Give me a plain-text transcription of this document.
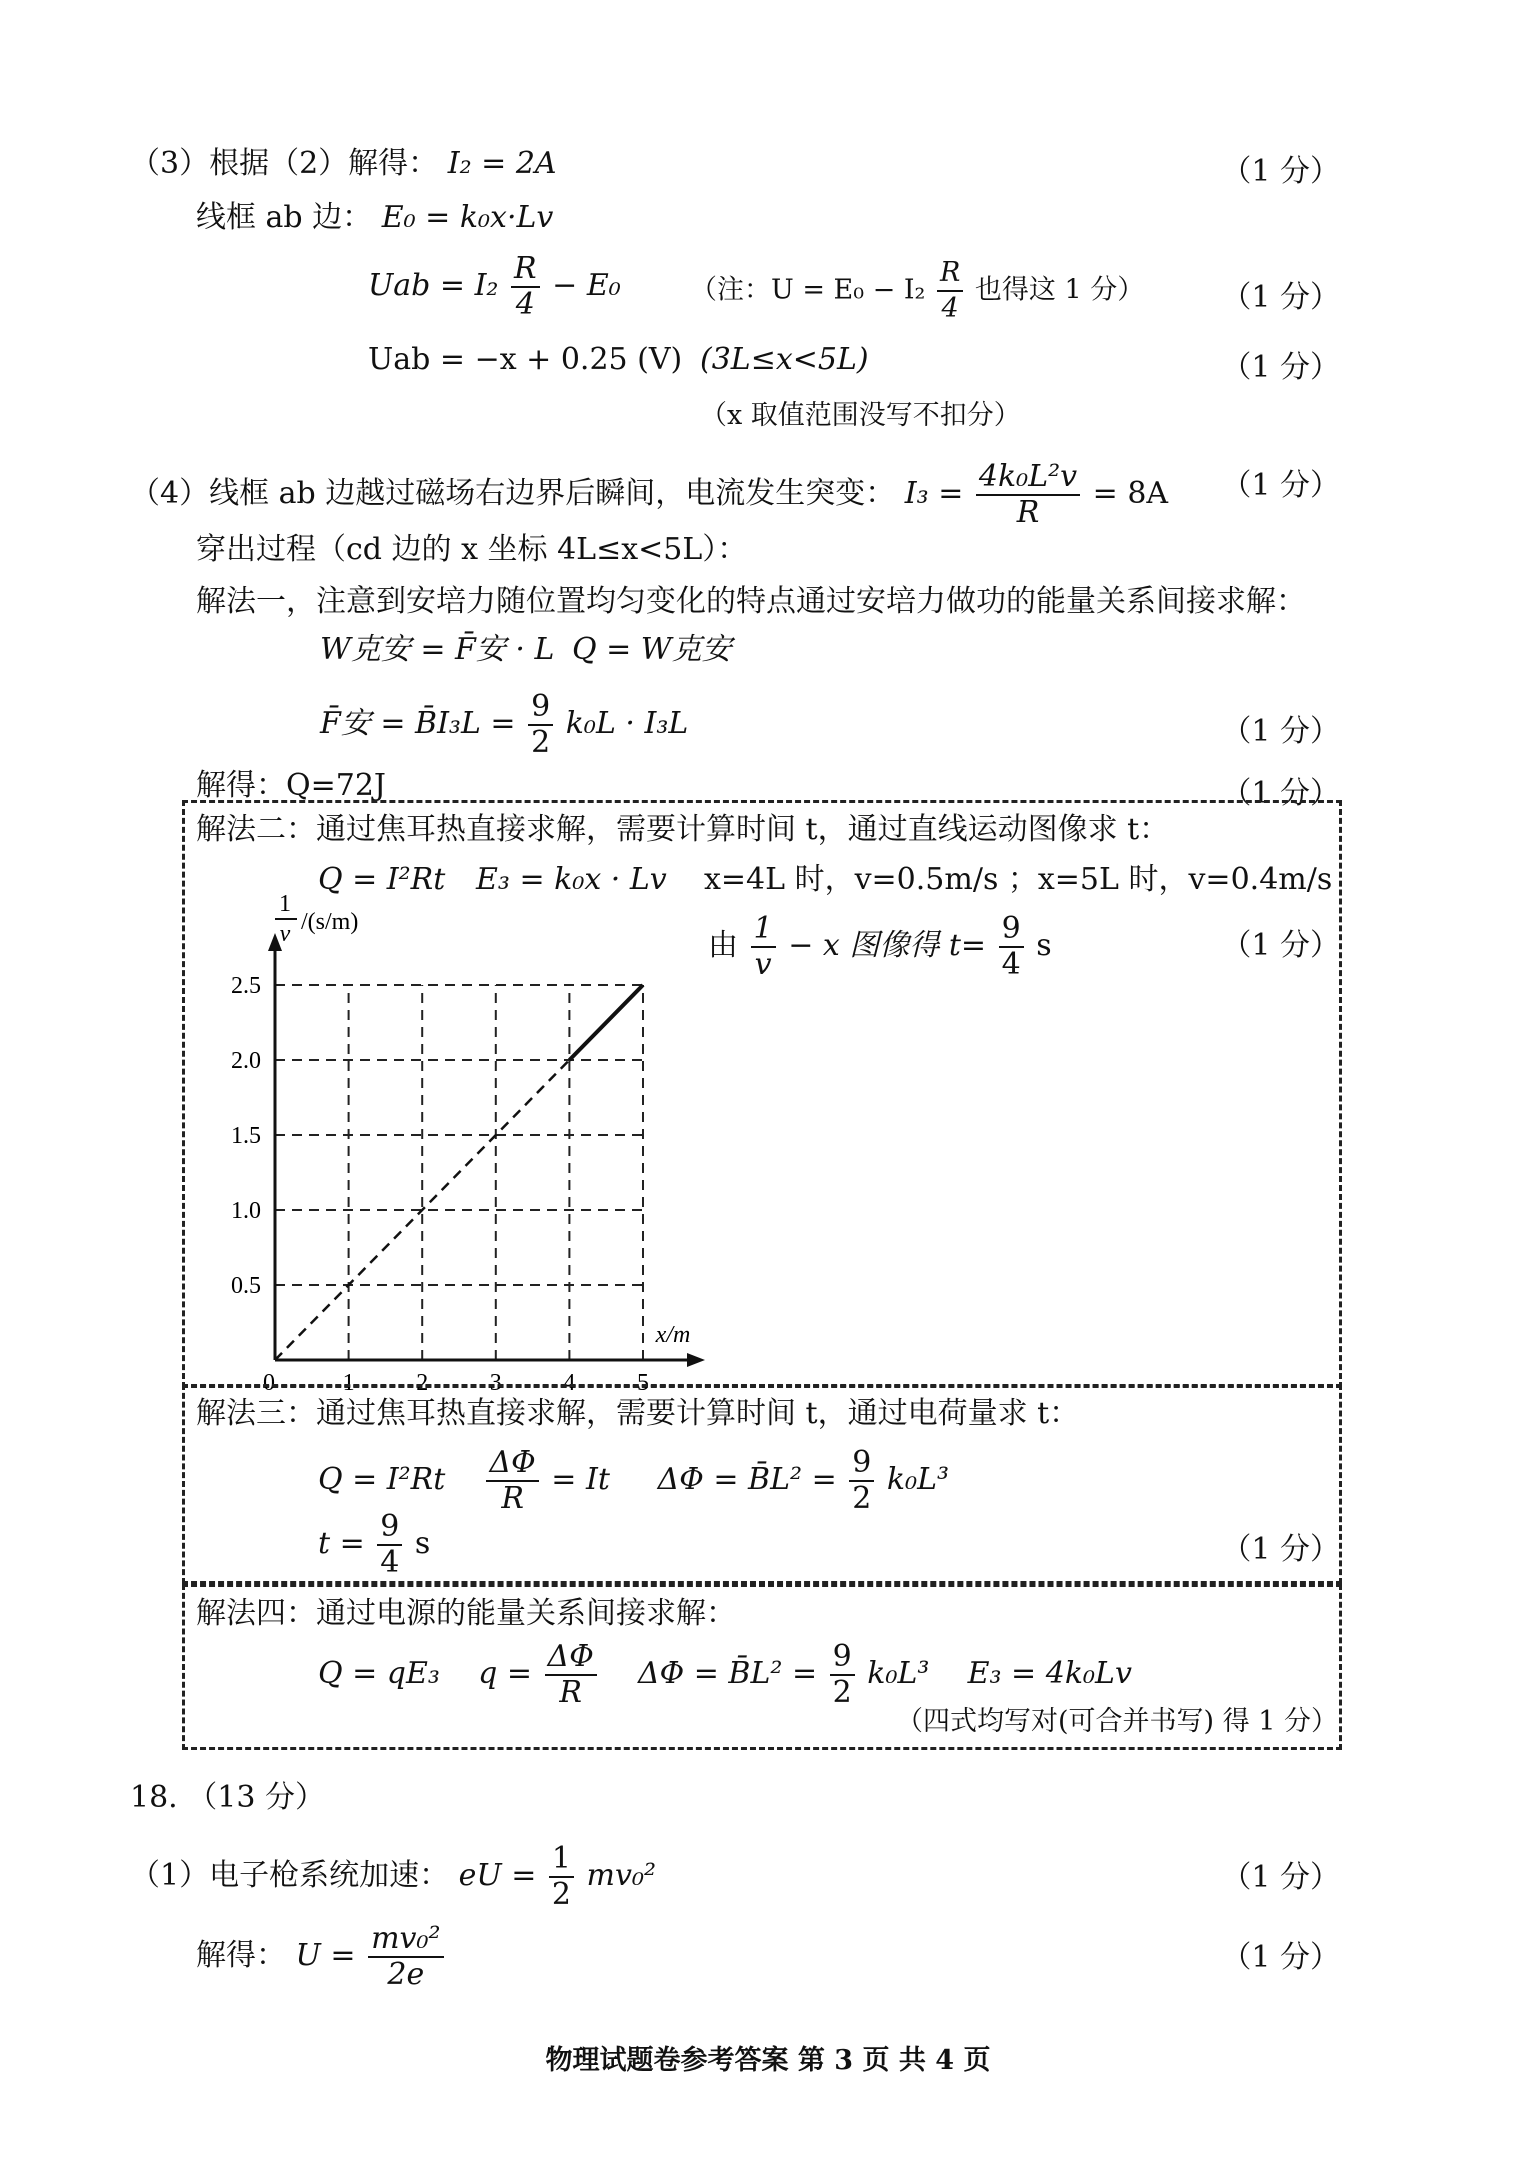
（3）根据（2）解得： I₂ = 2A	（1 分）
线框 ab 边： E₀ = k₀x·Lv
Uab = $I_2 \frac{R}{4} - E_0$	（注：$U = E_0 - I_2 \frac{R}{4}$ 也得这 1 分）	（1 分）
Uab = −x + 0.25 (V) (3L≤x<5L)	（1 分）
（x 取值范围没写不扣分）
（4）线框 ab 边越过磁场右边界后瞬间，电流发生突变： $I_3 = \frac{\text{4k₀L²v}}{R} = 8A$ （1 分）
穿出过程（cd 边的 x 坐标 4L≤x<5L）：
解法一，注意到安培力随位置均匀变化的特点通过安培力做功的能量关系间接求解：
W克安 = F̄安 · L Q = W克安
F̄安 = B̄I₃L = $\frac{9}{2} k_0L \cdot I_3L$	（1 分）
解得：Q=72J	（1 分）
解法二：通过焦耳热直接求解，需要计算时间 t，通过直线运动图像求 t：
Q = I²Rt E₃ = k₀x · Lv x=4L 时，v=0.5m/s ；x=5L 时，v=0.4m/s
由 $\frac{1}{v} - x$ 图像得 $t= \frac{9}{4}$ s	（1 分）
0.5
1.0
1.5
2.0
2.5
1	2	3	4	5
0
x/m
1
v /(s/m)
解法三：通过焦耳热直接求解，需要计算时间 t，通过电荷量求 t：
$Q = I^2Rt \frac{\Delta\Phi}{R} = It$ ΔΦ = B̄L² = $\frac{9}{2} k_0L^3$
$t = \frac{9}{4}$ s	（1 分）
解法四：通过电源的能量关系间接求解：
Q = qE₃ $q = \frac{\Delta\Phi}{R}$ ΔΦ = B̄L² = $\frac{9}{2} k_0L^3$ E₃ = 4k₀Lv
（四式均写对(可合并书写) 得 1 分）
18. （13 分）
（1）电子枪系统加速： eU = $\frac{1}{2} mv_0^2$	（1 分）
解得： $U = \frac{\text{mv₀²}}{2e}$	（1 分）
物理试题卷参考答案 第 3 页 共 4 页
